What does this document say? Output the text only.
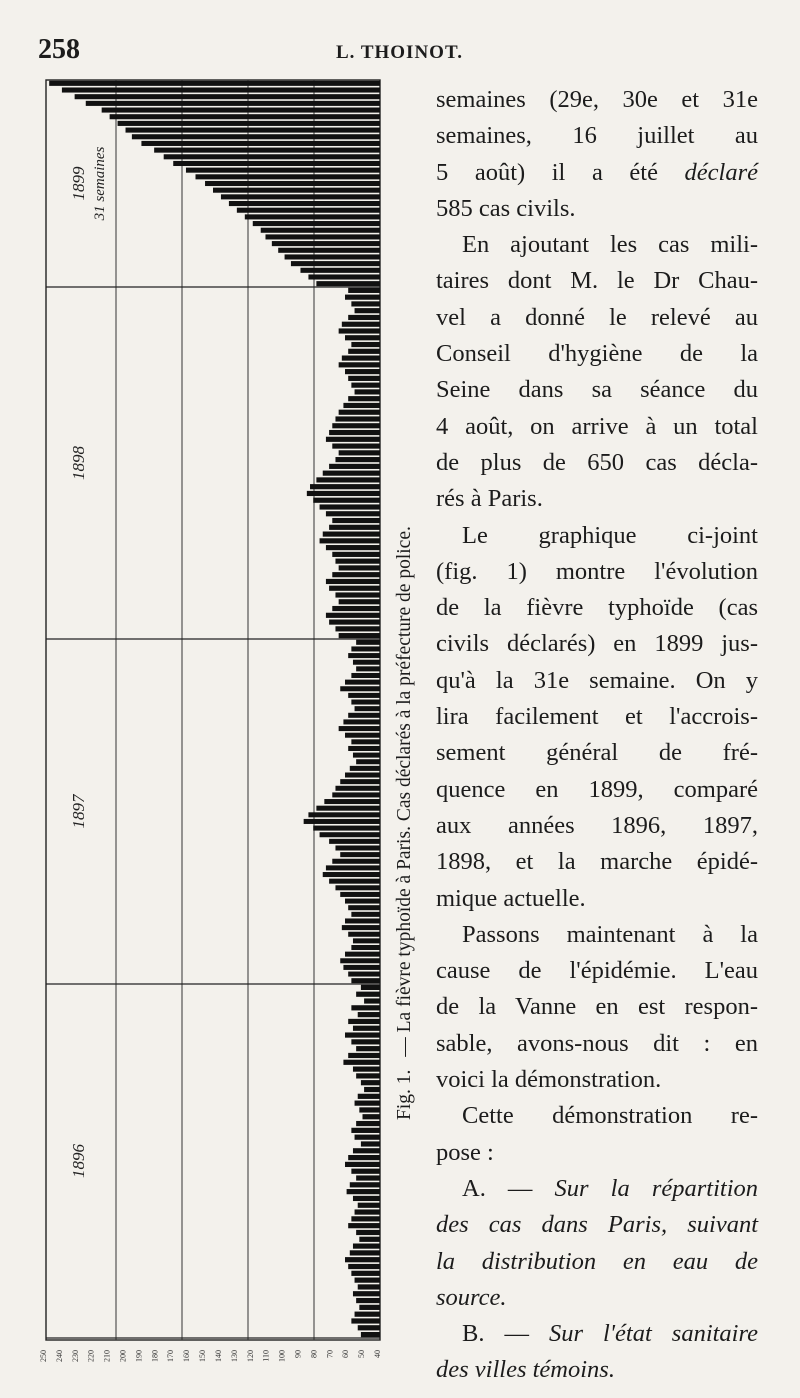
258	L. THOINOT.
1899 31 semaines
1898
1897
1896
40
50
60
70
80
90
100
110
120
130
140
150
160
170
180
190
200
210
220
230
240
250
Fig. 1. — La fièvre typhoïde à Paris. Cas déclarés à la préfecture de police.
semaines (29e, 30e et 31e
semaines, 16 juillet au
5 août) il a été déclaré
585 cas civils.
En ajoutant les cas mili-
taires dont M. le Dr Chau-
vel a donné le relevé au
Conseil d'hygiène de la
Seine dans sa séance du
4 août, on arrive à un total
de plus de 650 cas décla-
rés à Paris.
Le graphique ci-joint
(fig. 1) montre l'évolution
de la fièvre typhoïde (cas
civils déclarés) en 1899 jus-
qu'à la 31e semaine. On y
lira facilement et l'accrois-
sement général de fré-
quence en 1899, comparé
aux années 1896, 1897,
1898, et la marche épidé-
mique actuelle.
Passons maintenant à la
cause de l'épidémie. L'eau
de la Vanne en est respon-
sable, avons-nous dit : en
voici la démonstration.
Cette démonstration re-
pose :
A. — Sur la répartition
des cas dans Paris, suivant
la distribution en eau de
source.
B. — Sur l'état sanitaire
des villes témoins.
